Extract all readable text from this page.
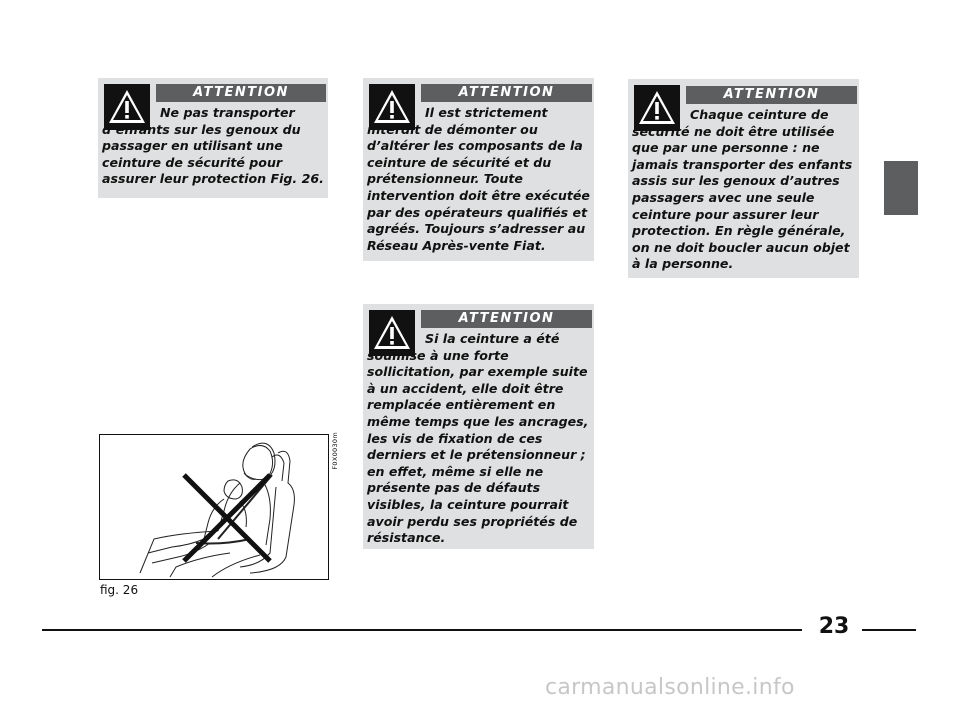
ATTENTION

Ne pas transporter d’enfants sur les genoux du passager en utilisant une ceinture de sécurité pour assurer leur protection Fig. 26.

ATTENTION

Il est strictement interdit de démonter ou d’altérer les composants de la ceinture de sécurité et du prétensionneur. Toute intervention doit être exécutée par des opérateurs qualifiés et agréés. Toujours s’adresser au Réseau Après-vente Fiat.

ATTENTION

Chaque ceinture de sécurité ne doit être utilisée que par une personne : ne jamais transporter des enfants assis sur les genoux d’autres passagers avec une seule ceinture pour assurer leur protection. En règle générale, on ne doit boucler aucun objet à la personne.

ATTENTION

Si la ceinture a été soumise à une forte sollicitation, par exemple suite à un accident, elle doit être remplacée entièrement en même temps que les ancrages, les vis de fixation de ces derniers et le prétensionneur ; en effet, même si elle ne présente pas de défauts visibles, la ceinture pourrait avoir perdu ses propriétés de résistance.

F0X0030m
fig. 26
23
carmanualsonline.info
